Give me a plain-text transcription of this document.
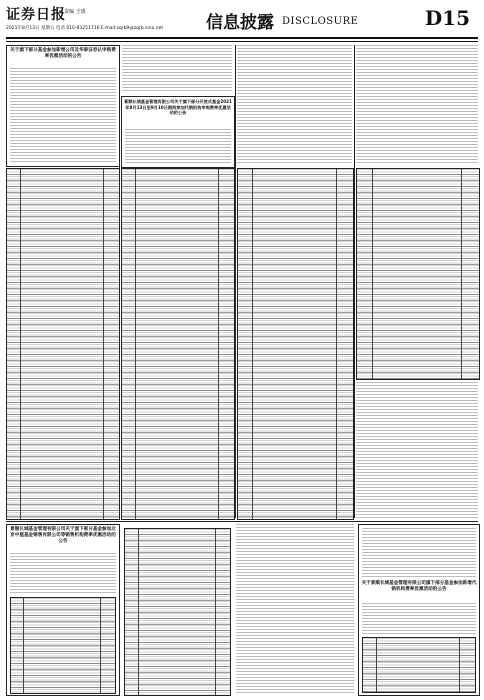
证券日报
责编 王惠
2021年8月13日 星期五 电话 010-83251716 E-mail:zqrb9@zqrb.sina.net	信息披露 DISCLOSURE	D15
关于旗下部分基金参加新增公司及华泰证券认申购费率优惠活动的公告
景顺长城基金管理有限公司关于旗下部分开放式基金2021年8月13日至9月10日期间参加代销机构申购费率优惠活动的公告
景顺长城基金管理有限公司关于旗下部分基金参加北京中植基金销售有限公司等销售机构费率优惠活动的公告
关于景顺长城基金管理有限公司旗下部分基金参加新增代销机构费率优惠活动的公告
